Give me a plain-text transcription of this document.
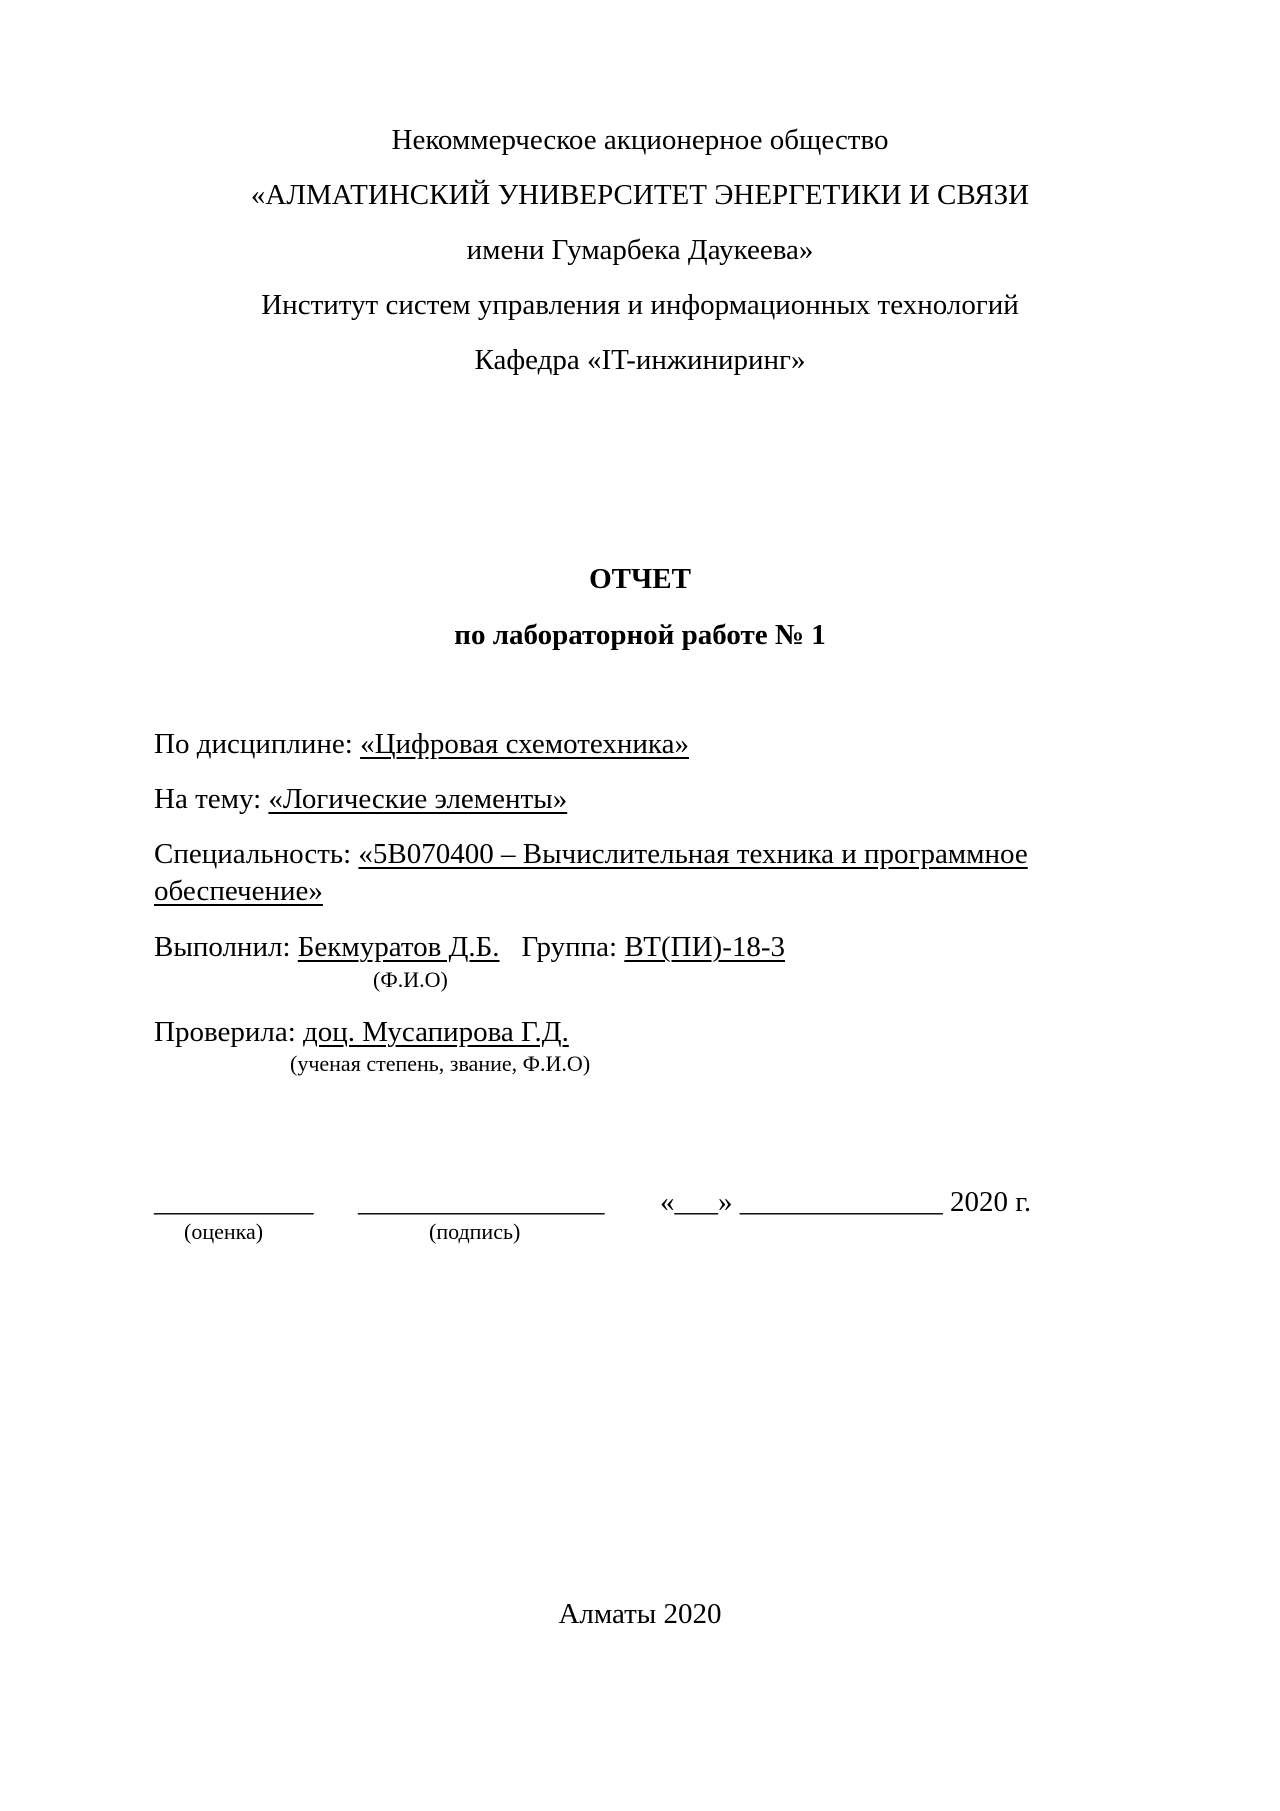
Некоммерческое акционерное общество
«АЛМАТИНСКИЙ УНИВЕРСИТЕТ ЭНЕРГЕТИКИ И СВЯЗИ
имени Гумарбека Даукеева»
Институт систем управления и информационных технологий
Кафедра «IT-инжиниринг»
ОТЧЕТ
по лабораторной работе № 1
По дисциплине: «Цифровая схемотехника»
На тему: «Логические элементы»
Специальность: «5В070400 – Вычислительная техника и программное
обеспечение»
Выполнил: Бекмуратов Д.Б. Группа: ВТ(ПИ)-18-3
(Ф.И.О)
Проверила: доц. Мусапирова Г.Д.
(ученая степень, звание, Ф.И.О)
___________ _________________ «___» ______________ 2020 г.
(оценка)	(подпись)
Алматы 2020
